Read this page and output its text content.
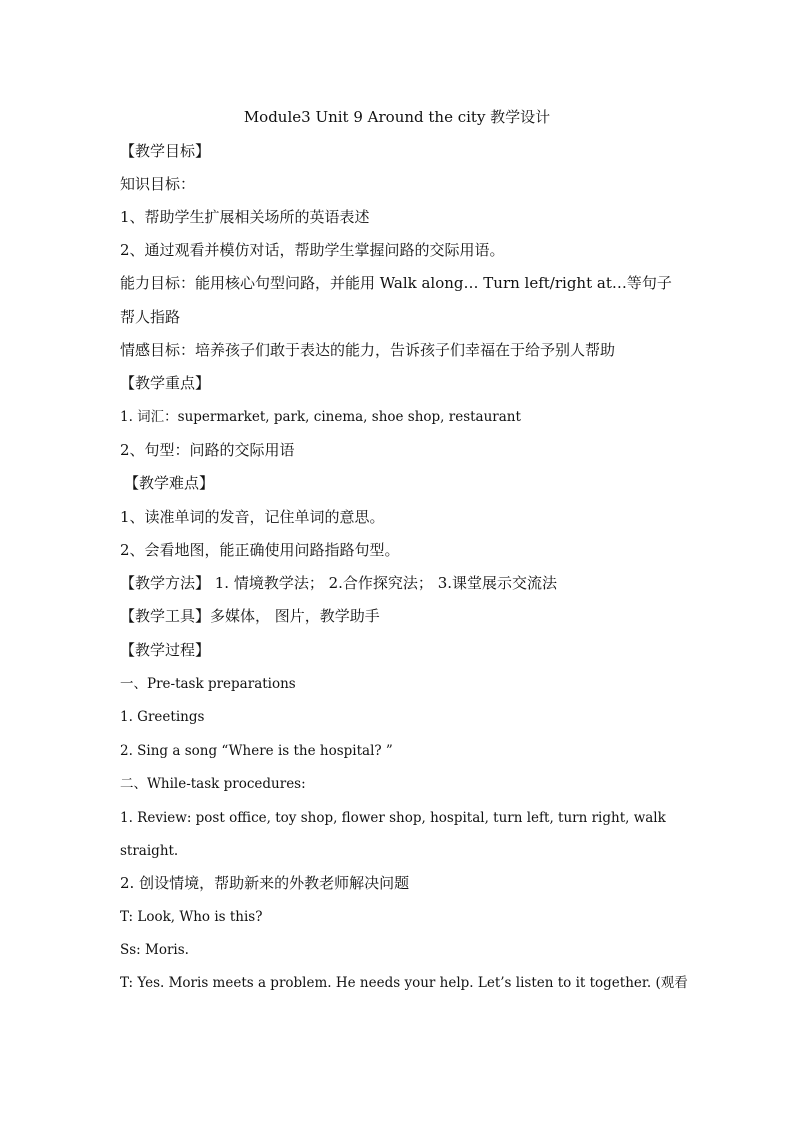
Module3 Unit 9 Around the city 教学设计
【教学目标】
知识目标：
1、帮助学生扩展相关场所的英语表述
2、通过观看并模仿对话，帮助学生掌握问路的交际用语。
能力目标：能用核心句型问路，并能用 Walk along… Turn left/right at…等句子
帮人指路
情感目标：培养孩子们敢于表达的能力，告诉孩子们幸福在于给予别人帮助
【教学重点】
1. 词汇：supermarket, park, cinema, shoe shop, restaurant
2、句型：问路的交际用语
【教学难点】
1、读准单词的发音，记住单词的意思。
2、会看地图，能正确使用问路指路句型。
【教学方法】 1. 情境教学法； 2.合作探究法； 3.课堂展示交流法
【教学工具】多媒体， 图片，教学助手
【教学过程】
一、Pre-task preparations
1. Greetings
2. Sing a song “Where is the hospital? ”
二、While-task procedures:
1. Review: post office, toy shop, flower shop, hospital, turn left, turn right, walk
straight.
2. 创设情境，帮助新来的外教老师解决问题
T: Look, Who is this?
Ss: Moris.
T: Yes. Moris meets a problem. He needs your help. Let’s listen to it together. (观看
